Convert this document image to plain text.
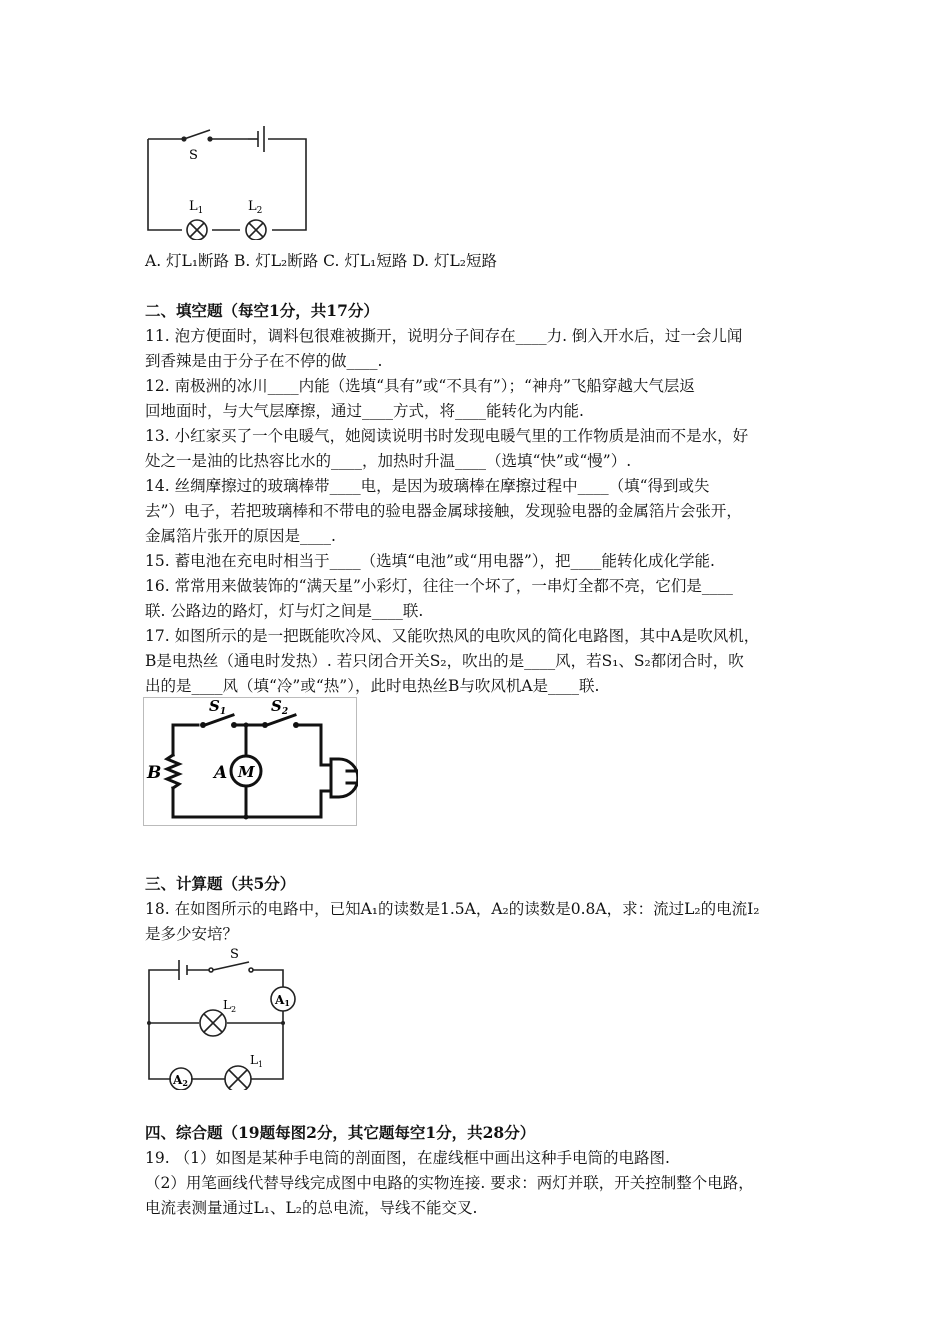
S
$L_1$	$L_2$
A. 灯L₁断路 B. 灯L₂断路 C. 灯L₁短路 D. 灯L₂短路
二、填空题（每空1分，共17分）
11. 泡方便面时，调料包很难被撕开，说明分子间存在____力. 倒入开水后，过一会儿闻
到香辣是由于分子在不停的做____.
12. 南极洲的冰川____内能（选填“具有”或“不具有”）；“神舟”飞船穿越大气层返
回地面时，与大气层摩擦，通过____方式，将____能转化为内能.
13. 小红家买了一个电暖气，她阅读说明书时发现电暖气里的工作物质是油而不是水，好
处之一是油的比热容比水的____，加热时升温____（选填“快”或“慢”）.
14. 丝绸摩擦过的玻璃棒带____电，是因为玻璃棒在摩擦过程中____（填“得到或失
去”）电子，若把玻璃棒和不带电的验电器金属球接触，发现验电器的金属箔片会张开，
金属箔片张开的原因是____.
15. 蓄电池在充电时相当于____（选填“电池”或“用电器”），把____能转化成化学能.
16. 常常用来做装饰的“满天星”小彩灯，往往一个坏了，一串灯全都不亮，它们是____
联. 公路边的路灯，灯与灯之间是____联.
17. 如图所示的是一把既能吹冷风、又能吹热风的电吹风的简化电路图，其中A是吹风机，
B是电热丝（通电时发热）. 若只闭合开关S₂，吹出的是____风，若S₁、S₂都闭合时，吹
出的是____风（填“冷”或“热”），此时电热丝B与吹风机A是____联.
$S_1$	$S_2$
B	A M
三、计算题（共5分）
18. 在如图所示的电路中，已知A₁的读数是1.5A，A₂的读数是0.8A，求：流过L₂的电流I₂
是多少安培？
S
$L_2$
$L_1$
A1
A2
四、综合题（19题每图2分，其它题每空1分，共28分）
19. （1）如图是某种手电筒的剖面图，在虚线框中画出这种手电筒的电路图.
（2）用笔画线代替导线完成图中电路的实物连接. 要求：两灯并联，开关控制整个电路，
电流表测量通过L₁、L₂的总电流，导线不能交叉.
